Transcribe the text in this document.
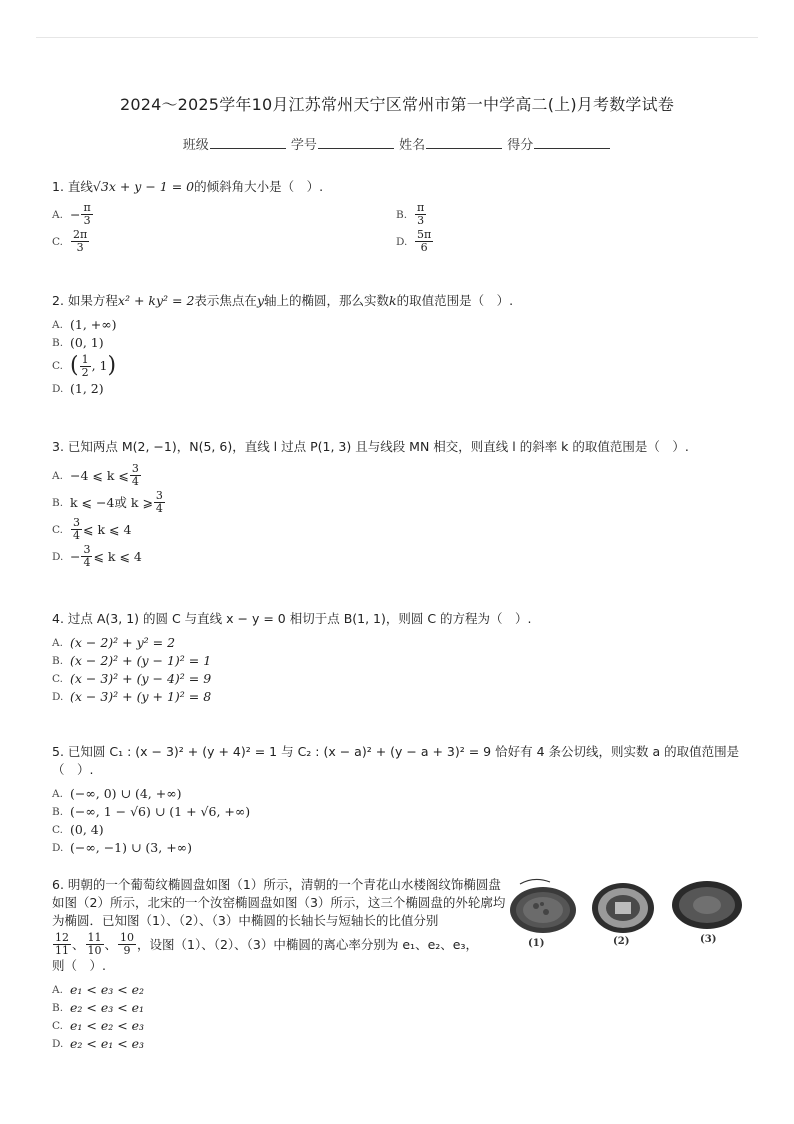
2024～2025学年10月江苏常州天宁区常州市第一中学高二(上)月考数学试卷
班级	学号	姓名	得分
1. 直线√3x + y − 1 = 0的倾斜角大小是（　）.
A. − $\frac{\pi}{3}$	B. $\frac{\pi}{3}$
C. $\frac{2\pi}{3}$	D. $\frac{5\pi}{6}$
2. 如果方程x² + ky² = 2表示焦点在y轴上的椭圆，那么实数k的取值范围是（　）.
A. (1, +∞)
B. (0, 1)
C. ( $\frac{1}{2}$ , 1 )
D. (1, 2)
3. 已知两点 M(2, −1)，N(5, 6)，直线 l 过点 P(1, 3) 且与线段 MN 相交，则直线 l 的斜率 k 的取值范围是（　）.
A. −4 ⩽ k ⩽ $\frac{3}{4}$
B. k ⩽ −4或 k ⩾ $\frac{3}{4}$
C. $\frac{3}{4}$ ⩽ k ⩽ 4
D. − $\frac{3}{4}$ ⩽ k ⩽ 4
4. 过点 A(3, 1) 的圆 C 与直线 x − y = 0 相切于点 B(1, 1)，则圆 C 的方程为（　）.
A. (x − 2)² + y² = 2
B. (x − 2)² + (y − 1)² = 1
C. (x − 3)² + (y − 4)² = 9
D. (x − 3)² + (y + 1)² = 8
5. 已知圆 C₁ : (x − 3)² + (y + 4)² = 1 与 C₂ : (x − a)² + (y − a + 3)² = 9 恰好有 4 条公切线，则实数 a 的取值范围是（　）.
A. (−∞, 0) ∪ (4, +∞)
B. (−∞, 1 − √6) ∪ (1 + √6, +∞)
C. (0, 4)
D. (−∞, −1) ∪ (3, +∞)
6. 明朝的一个葡萄纹椭圆盘如图（1）所示，清朝的一个青花山水楼阁纹饰椭圆盘
如图（2）所示，北宋的一个汝窑椭圆盘如图（3）所示，这三个椭圆盘的外轮廓均
为椭圆．已知图（1）、（2）、（3）中椭圆的长轴长与短轴长的比值分别
$\frac{12}{11}$ 、 $\frac{11}{10}$ 、 $\frac{10}{9}$ ，设图（1）、（2）、（3）中椭圆的离心率分别为 e₁、e₂、e₃，
则（　）.
A. e₁ < e₃ < e₂
B. e₂ < e₃ < e₁
C. e₁ < e₂ < e₃
D. e₂ < e₁ < e₃
(1)	(2)	(3)
